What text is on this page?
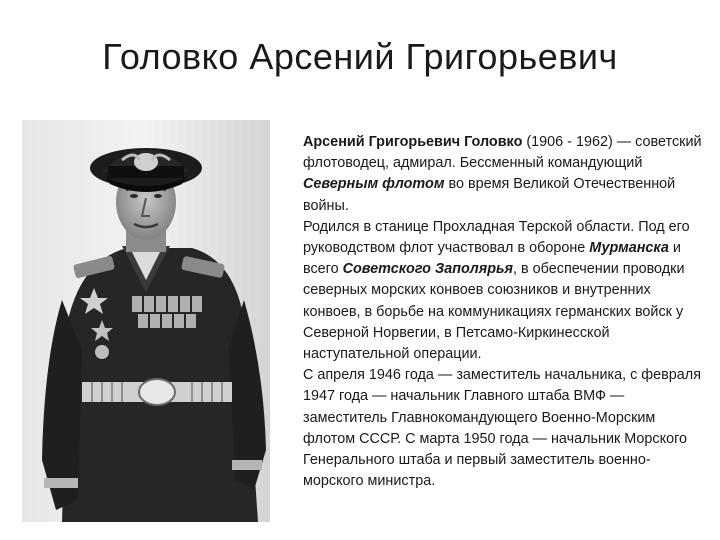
Головко Арсений Григорьевич

Арсений Григорьевич Головко (1906 - 1962) — советский флотоводец, адмирал. Бессменный командующий Северным флотом во время Великой Отечественной войны.

Родился в станице Прохладная Терской области. Под его руководством флот участвовал в обороне Мурманска и всего Советского Заполярья, в обеспечении проводки северных морских конвоев союзников и внутренних конвоев, в борьбе на коммуникациях германских войск у Северной Норвегии, в Петсамо-Киркинесской наступательной операции.

С апреля 1946 года — заместитель начальника, с февраля 1947 года — начальник Главного штаба ВМФ — заместитель Главнокомандующего Военно-Морским флотом СССР. С марта 1950 года — начальник Морского Генерального штаба и первый заместитель военно-морского министра.
